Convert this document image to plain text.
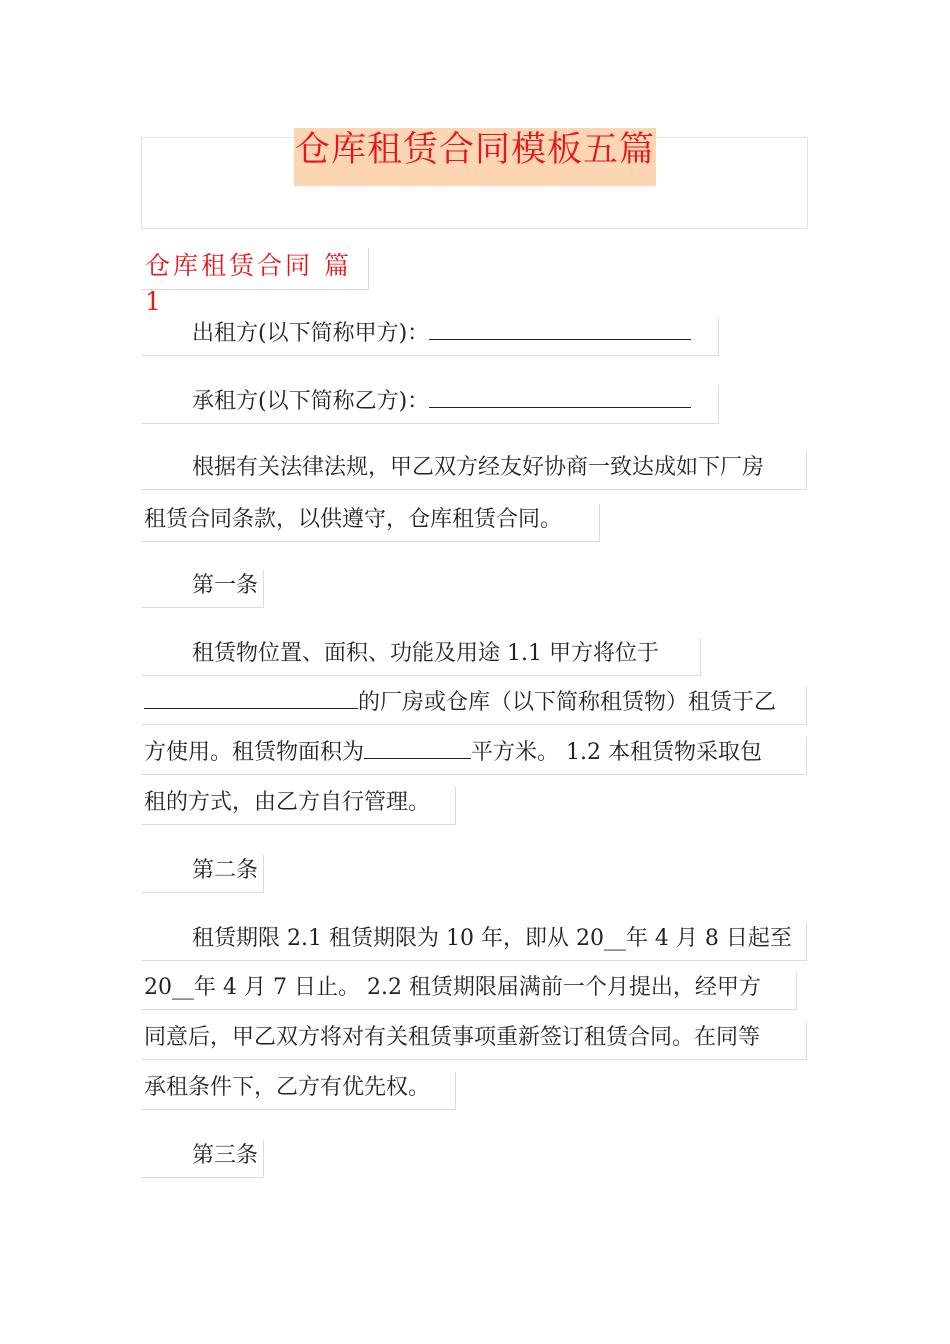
仓库租赁合同模板五篇
仓库租赁合同 篇1
出租方(以下简称甲方)：
承租方(以下简称乙方)：
根据有关法律法规，甲乙双方经友好协商一致达成如下厂房
租赁合同条款，以供遵守，仓库租赁合同。
第一条
租赁物位置、面积、功能及用途 1.1 甲方将位于
的厂房或仓库（以下简称租赁物）租赁于乙
方使用。租赁物面积为	平方米。 1.2 本租赁物采取包
租的方式，由乙方自行管理。
第二条
租赁期限 2.1 租赁期限为 10 年，即从 20__年 4 月 8 日起至
20__年 4 月 7 日止。 2.2 租赁期限届满前一个月提出，经甲方
同意后，甲乙双方将对有关租赁事项重新签订租赁合同。在同等
承租条件下，乙方有优先权。
第三条
